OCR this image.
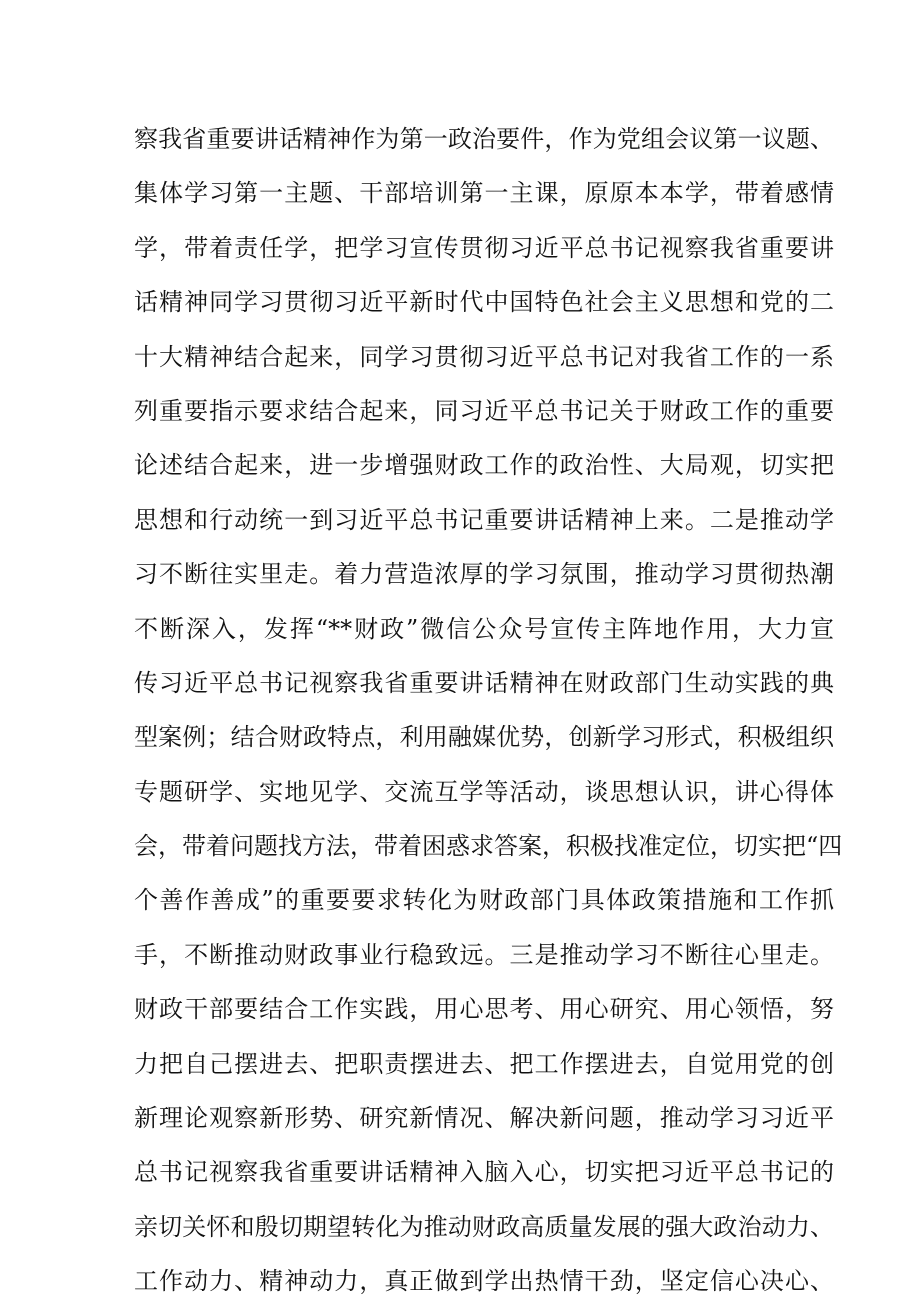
察我省重要讲话精神作为第一政治要件，作为党组会议第一议题、
集体学习第一主题、干部培训第一主课，原原本本学，带着感情
学，带着责任学，把学习宣传贯彻习近平总书记视察我省重要讲
话精神同学习贯彻习近平新时代中国特色社会主义思想和党的二
十大精神结合起来，同学习贯彻习近平总书记对我省工作的一系
列重要指示要求结合起来，同习近平总书记关于财政工作的重要
论述结合起来，进一步增强财政工作的政治性、大局观，切实把
思想和行动统一到习近平总书记重要讲话精神上来。二是推动学
习不断往实里走。着力营造浓厚的学习氛围，推动学习贯彻热潮
不断深入，发挥“**财政”微信公众号宣传主阵地作用，大力宣
传习近平总书记视察我省重要讲话精神在财政部门生动实践的典
型案例；结合财政特点，利用融媒优势，创新学习形式，积极组织
专题研学、实地见学、交流互学等活动，谈思想认识，讲心得体
会，带着问题找方法，带着困惑求答案，积极找准定位，切实把“四
个善作善成”的重要要求转化为财政部门具体政策措施和工作抓
手，不断推动财政事业行稳致远。三是推动学习不断往心里走。
财政干部要结合工作实践，用心思考、用心研究、用心领悟，努
力把自己摆进去、把职责摆进去、把工作摆进去，自觉用党的创
新理论观察新形势、研究新情况、解决新问题，推动学习习近平
总书记视察我省重要讲话精神入脑入心，切实把习近平总书记的
亲切关怀和殷切期望转化为推动财政高质量发展的强大政治动力、
工作动力、精神动力，真正做到学出热情干劲，坚定信心决心、
